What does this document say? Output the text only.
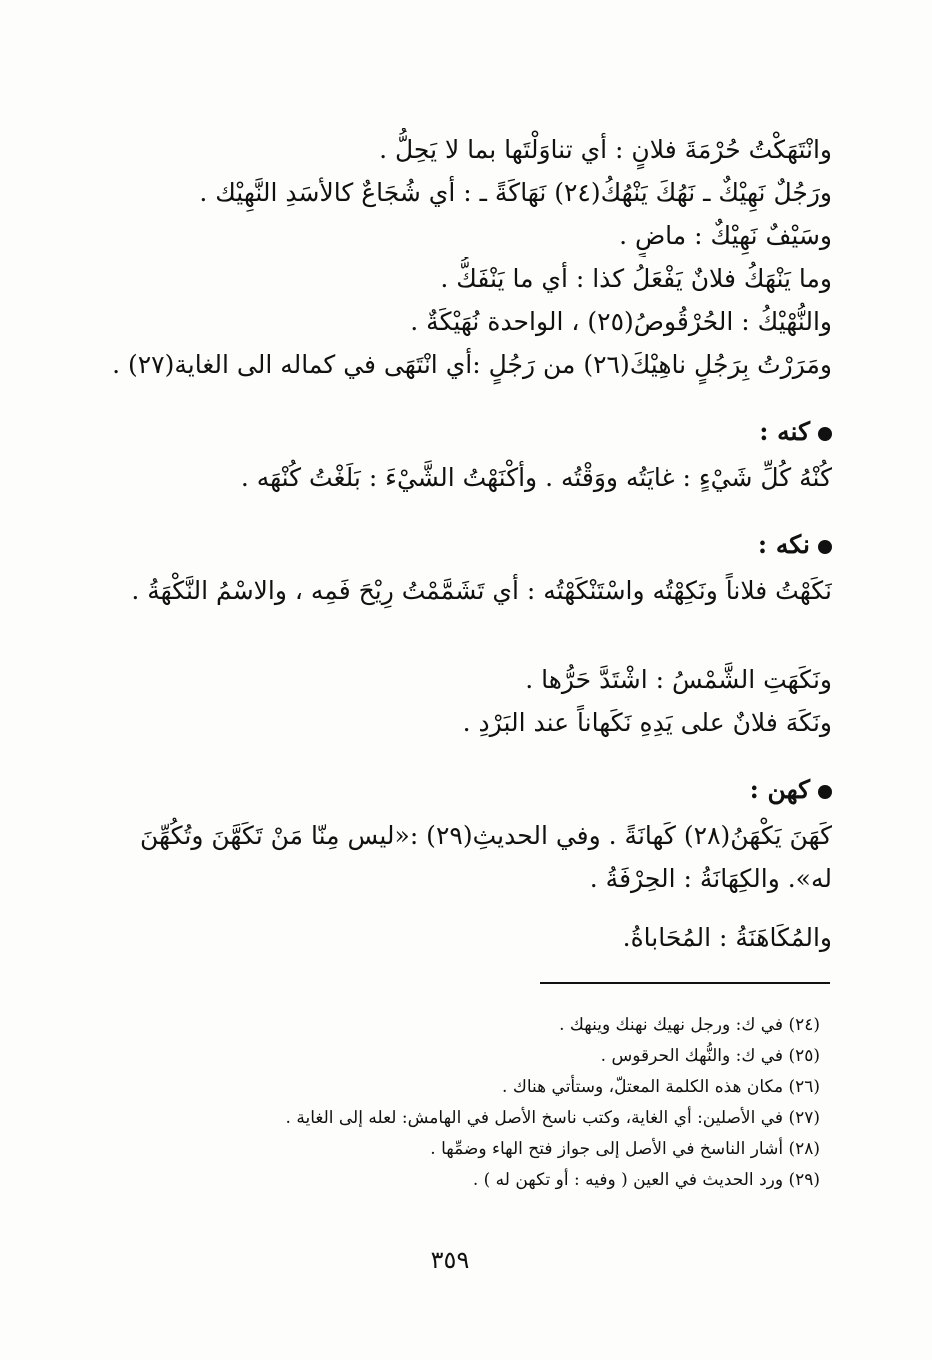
وانْتَهَكْتُ حُرْمَةَ فلانٍ : أي تناوَلْتَها بما لا يَحِلُّ .
ورَجُلٌ نَهِيْكٌ ـ نَهُكَ يَنْهُكُ(٢٤) نَهَاكَةً ـ : أي شُجَاعٌ كالأسَدِ النَّهِيْك .
وسَيْفٌ نَهِيْكٌ : ماضٍ .
وما يَنْهَكُ فلانٌ يَفْعَلُ كذا : أي ما يَنْفَكُّ .
والنُّهْيْكُ : الحُرْقُوصُ(٢٥) ، الواحدة نُهَيْكَةٌ .
ومَرَرْتُ بِرَجُلٍ ناهِيْكَ(٢٦) من رَجُلٍ :أي انْتَهَى في كماله الى الغاية(٢٧) .
كنه :
كُنْهُ كُلِّ شَيْءٍ : غايَتُه ووَقْتُه . وأكْنَهْتُ الشَّيْءَ : بَلَغْتُ كُنْهَه .
نكه :
نَكَهْتُ فلاناً ونَكِهْتُه واسْتَنْكَهْتُه : أي تَشَمَّمْتُ رِيْحَ فَمِه ، والاسْمُ النَّكْهَةُ .
ونَكَهَتِ الشَّمْسُ : اشْتَدَّ حَرُّها .
ونَكَهَ فلانٌ على يَدِهِ نَكَهاناً عند البَرْدِ .
كهن :
كَهَنَ يَكْهَنُ(٢٨) كَهانَةً . وفي الحديثِ(٢٩) :«ليس مِنّا مَنْ تَكَهَّنَ وتُكُهِّنَ
له». والكِهَانَةُ : الحِرْفَةُ .
والمُكَاهَنَةُ : المُحَاباةُ.
(٢٤) في ك: ورجل نهيك نهنك وينهك .
(٢٥) في ك: والنُّهك الحرقوس .
(٢٦) مكان هذه الكلمة المعتلّ، وستأتي هناك .
(٢٧) في الأصلين: أي الغاية، وكتب ناسخ الأصل في الهامش: لعله إلى الغاية .
(٢٨) أشار الناسخ في الأصل إلى جواز فتح الهاء وضمِّها .
(٢٩) ورد الحديث في العين ( وفيه : أو تكهن له ) .
٣٥٩
